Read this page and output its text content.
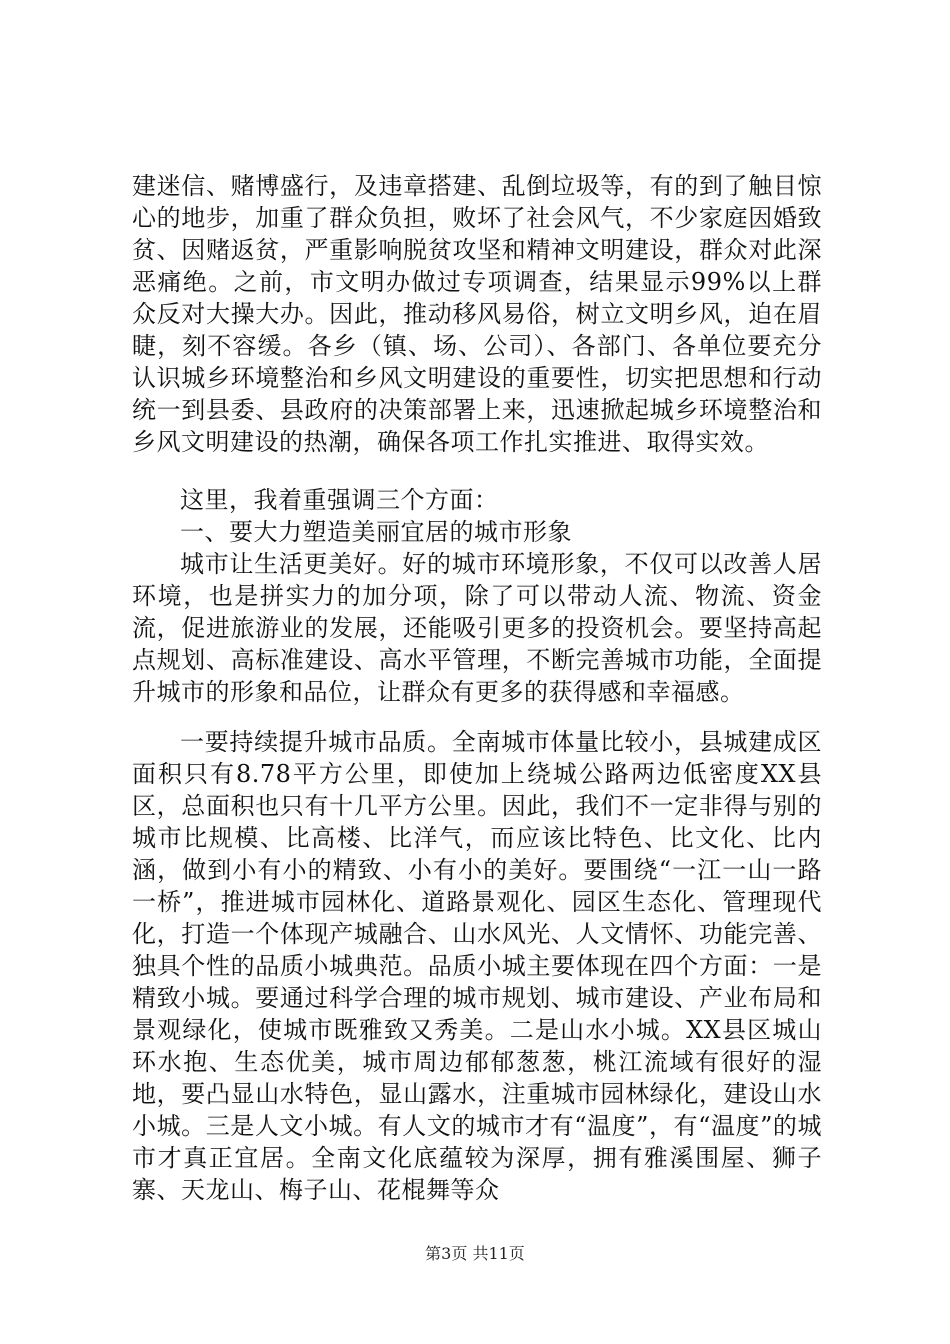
建迷信、赌博盛行，及违章搭建、乱倒垃圾等，有的到了触目惊心的地步，加重了群众负担，败坏了社会风气，不少家庭因婚致贫、因赌返贫，严重影响脱贫攻坚和精神文明建设，群众对此深恶痛绝。之前，市文明办做过专项调查，结果显示99%以上群众反对大操大办。因此，推动移风易俗，树立文明乡风，迫在眉睫，刻不容缓。各乡（镇、场、公司）、各部门、各单位要充分认识城乡环境整治和乡风文明建设的重要性，切实把思想和行动统一到县委、县政府的决策部署上来，迅速掀起城乡环境整治和乡风文明建设的热潮，确保各项工作扎实推进、取得实效。

这里，我着重强调三个方面：

一、要大力塑造美丽宜居的城市形象

城市让生活更美好。好的城市环境形象，不仅可以改善人居环境，也是拼实力的加分项，除了可以带动人流、物流、资金流，促进旅游业的发展，还能吸引更多的投资机会。要坚持高起点规划、高标准建设、高水平管理，不断完善城市功能，全面提升城市的形象和品位，让群众有更多的获得感和幸福感。

一要持续提升城市品质。全南城市体量比较小，县城建成区面积只有8.78平方公里，即使加上绕城公路两边低密度XX县区，总面积也只有十几平方公里。因此，我们不一定非得与别的城市比规模、比高楼、比洋气，而应该比特色、比文化、比内涵，做到小有小的精致、小有小的美好。要围绕“一江一山一路一桥”，推进城市园林化、道路景观化、园区生态化、管理现代化，打造一个体现产城融合、山水风光、人文情怀、功能完善、独具个性的品质小城典范。品质小城主要体现在四个方面：一是精致小城。要通过科学合理的城市规划、城市建设、产业布局和景观绿化，使城市既雅致又秀美。二是山水小城。XX县区城山环水抱、生态优美，城市周边郁郁葱葱，桃江流域有很好的湿地，要凸显山水特色，显山露水，注重城市园林绿化，建设山水小城。三是人文小城。有人文的城市才有“温度”，有“温度”的城市才真正宜居。全南文化底蕴较为深厚，拥有雅溪围屋、狮子寨、天龙山、梅子山、花棍舞等众

第3页 共11页
